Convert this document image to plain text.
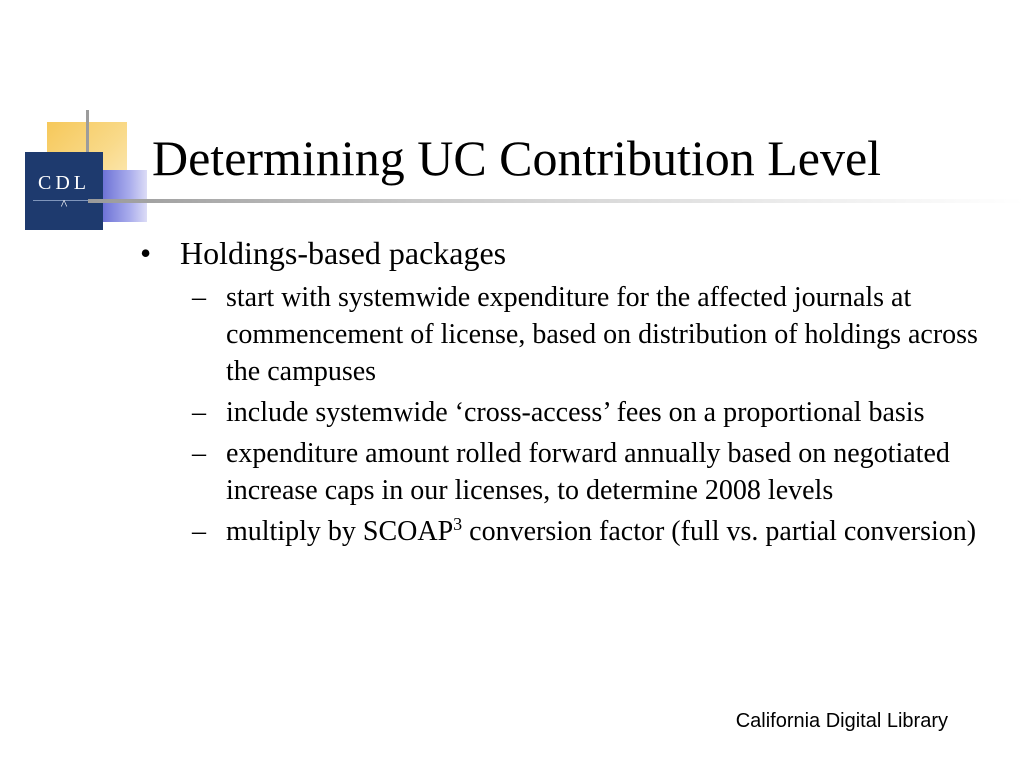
CDL
^
Determining UC Contribution Level
• Holdings-based packages
– start with systemwide expenditure for the affected journals at commencement of license, based on distribution of holdings across the campuses
– include systemwide ‘cross-access’ fees on a proportional basis
– expenditure amount rolled forward annually based on negotiated increase caps in our licenses, to determine 2008 levels
– multiply by SCOAP$^3$ conversion factor (full vs. partial conversion)
California Digital Library
